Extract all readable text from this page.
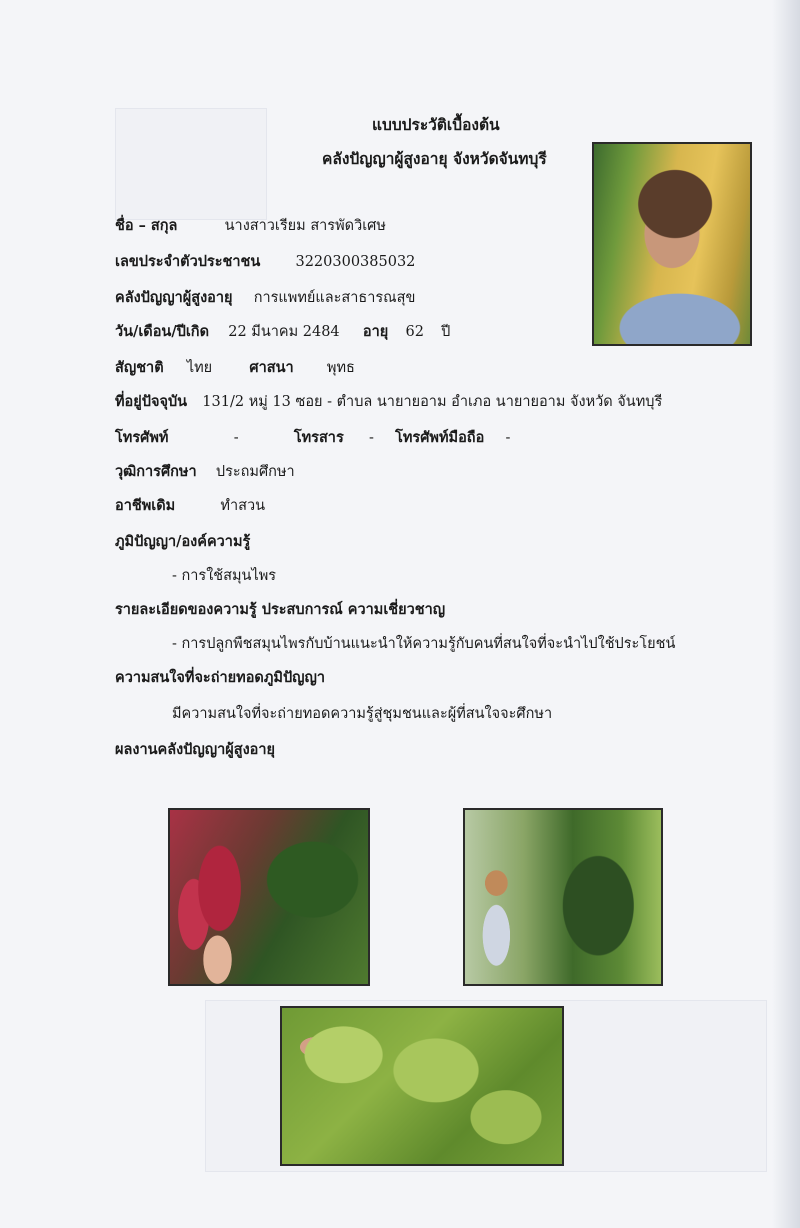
แบบประวัติเบื้องต้น
คลังปัญญาผู้สูงอายุ จังหวัดจันทบุรี
ชื่อ – สกุล	นางสาวเรียม สารพัดวิเศษ
เลขประจำตัวประชาชน 3220300385032
คลังปัญญาผู้สูงอายุ การแพทย์และสาธารณสุข
วัน/เดือน/ปีเกิด 22 มีนาคม 2484 อายุ 62 ปี
สัญชาติ ไทย	ศาสนา พุทธ
ที่อยู่ปัจจุบัน 131/2 หมู่ 13 ซอย - ตำบล นายายอาม อำเภอ นายายอาม จังหวัด จันทบุรี
โทรศัพท์	-	โทรสาร - โทรศัพท์มือถือ -
วุฒิการศึกษา ประถมศึกษา
อาชีพเดิม	ทำสวน
ภูมิปัญญา/องค์ความรู้
- การใช้สมุนไพร
รายละเอียดของความรู้ ประสบการณ์ ความเชี่ยวชาญ
- การปลูกพืชสมุนไพรกับบ้านแนะนำให้ความรู้กับคนที่สนใจที่จะนำไปใช้ประโยชน์
ความสนใจที่จะถ่ายทอดภูมิปัญญา
มีความสนใจที่จะถ่ายทอดความรู้สู่ชุมชนและผู้ที่สนใจจะศึกษา
ผลงานคลังปัญญาผู้สูงอายุ
